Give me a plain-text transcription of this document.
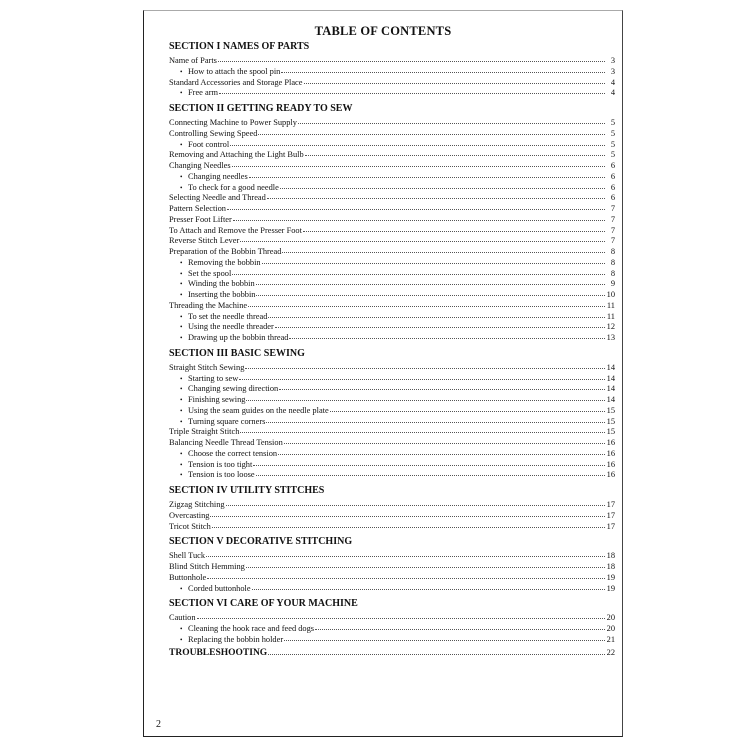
TABLE OF CONTENTS
SECTION I NAMES OF PARTS
Name of Parts	3
• How to attach the spool pin	3
Standard Accessories and Storage Place	4
• Free arm	4
SECTION II GETTING READY TO SEW
Connecting Machine to Power Supply	5
Controlling Sewing Speed	5
• Foot control	5
Removing and Attaching the Light Bulb	5
Changing Needles	6
• Changing needles	6
• To check for a good needle	6
Selecting Needle and Thread	6
Pattern Selection	7
Presser Foot Lifter	7
To Attach and Remove the Presser Foot	7
Reverse Stitch Lever	7
Preparation of the Bobbin Thread	8
• Removing the bobbin	8
• Set the spool	8
• Winding the bobbin	9
• Inserting the bobbin	10
Threading the Machine	11
• To set the needle thread	11
• Using the needle threader	12
• Drawing up the bobbin thread	13
SECTION III BASIC SEWING
Straight Stitch Sewing	14
• Starting to sew	14
• Changing sewing direction	14
• Finishing sewing	14
• Using the seam guides on the needle plate	15
• Turning square corners	15
Triple Straight Stitch	15
Balancing Needle Thread Tension	16
• Choose the correct tension	16
• Tension is too tight	16
• Tension is too loose	16
SECTION IV UTILITY STITCHES
Zigzag Stitching	17
Overcasting	17
Tricot Stitch	17
SECTION V DECORATIVE STITCHING
Shell Tuck	18
Blind Stitch Hemming	18
Buttonhole	19
• Corded buttonhole	19
SECTION VI CARE OF YOUR MACHINE
Caution	20
• Cleaning the hook race and feed dogs	20
• Replacing the bobbin holder	21
TROUBLESHOOTING	22
2
